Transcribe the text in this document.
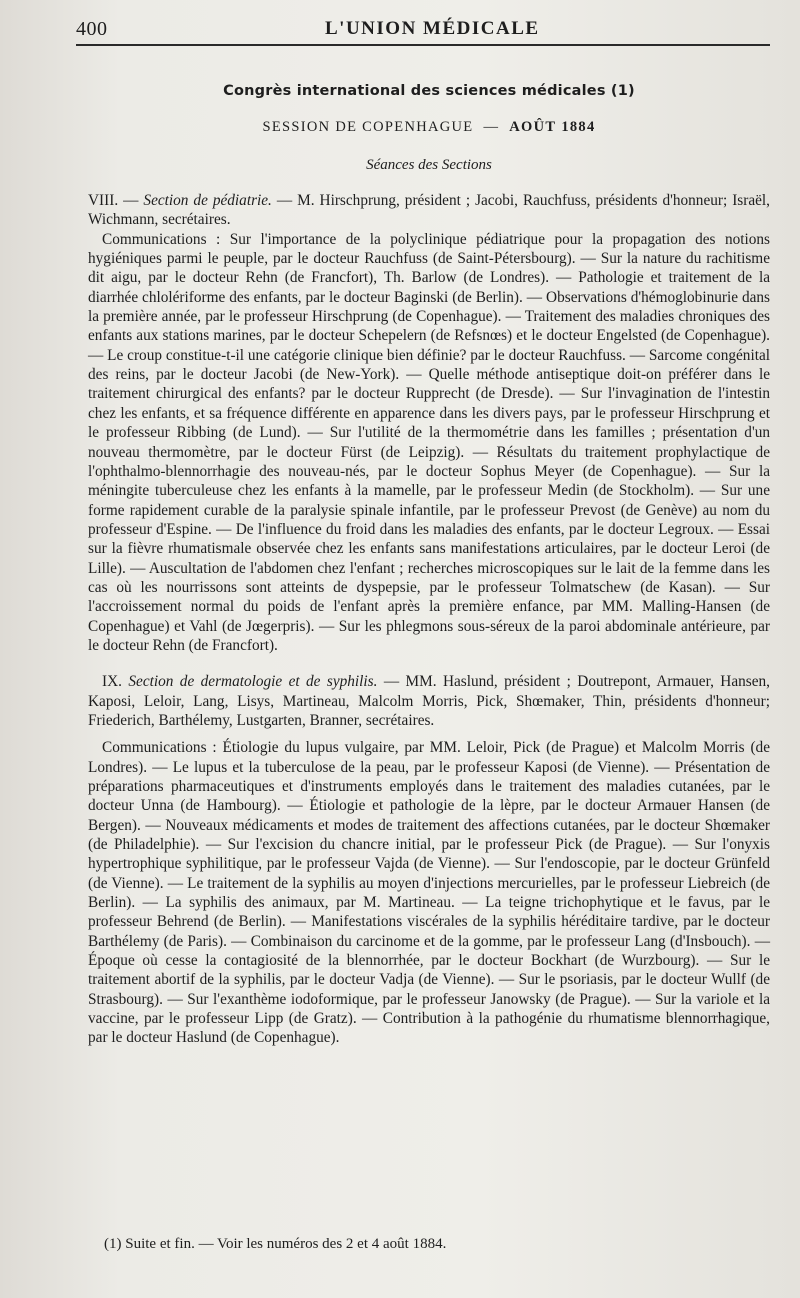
400	L'UNION MÉDICALE
Congrès international des sciences médicales (1)
SESSION DE COPENHAGUE — AOÛT 1884
Séances des Sections

VIII. — Section de pédiatrie. — M. Hirschprung, président ; Jacobi, Rauchfuss, présidents d'honneur; Israël, Wichmann, secrétaires.

Communications : Sur l'importance de la polyclinique pédiatrique pour la propagation des notions hygiéniques parmi le peuple, par le docteur Rauchfuss (de Saint-Pétersbourg). — Sur la nature du rachitisme dit aigu, par le docteur Rehn (de Francfort), Th. Barlow (de Londres). — Pathologie et traitement de la diarrhée chlolériforme des enfants, par le docteur Baginski (de Berlin). — Observations d'hémoglobinurie dans la première année, par le professeur Hirschprung (de Copenhague). — Traitement des maladies chroniques des enfants aux stations marines, par le docteur Schepelern (de Refsnœs) et le docteur Engelsted (de Copenhague). — Le croup constitue-t-il une catégorie clinique bien définie? par le docteur Rauchfuss. — Sarcome congénital des reins, par le docteur Jacobi (de New-York). — Quelle méthode antiseptique doit-on préférer dans le traitement chirurgical des enfants? par le docteur Rupprecht (de Dresde). — Sur l'invagination de l'intestin chez les enfants, et sa fréquence différente en apparence dans les divers pays, par le professeur Hirschprung et le professeur Ribbing (de Lund). — Sur l'utilité de la thermométrie dans les familles ; présentation d'un nouveau thermomètre, par le docteur Fürst (de Leipzig). — Résultats du traitement prophylactique de l'ophthalmo-blennorrhagie des nouveau-nés, par le docteur Sophus Meyer (de Copenhague). — Sur la méningite tuberculeuse chez les enfants à la mamelle, par le professeur Medin (de Stockholm). — Sur une forme rapidement curable de la paralysie spinale infantile, par le professeur Prevost (de Genève) au nom du professeur d'Espine. — De l'influence du froid dans les maladies des enfants, par le docteur Legroux. — Essai sur la fièvre rhumatismale observée chez les enfants sans manifestations articulaires, par le docteur Leroi (de Lille). — Auscultation de l'abdomen chez l'enfant ; recherches microscopiques sur le lait de la femme dans les cas où les nourrissons sont atteints de dyspepsie, par le professeur Tolmatschew (de Kasan). — Sur l'accroissement normal du poids de l'enfant après la première enfance, par MM. Malling-Hansen (de Copenhague) et Vahl (de Jœgerpris). — Sur les phlegmons sous-séreux de la paroi abdominale antérieure, par le docteur Rehn (de Francfort).

IX. Section de dermatologie et de syphilis. — MM. Haslund, président ; Doutrepont, Armauer, Hansen, Kaposi, Leloir, Lang, Lisys, Martineau, Malcolm Morris, Pick, Shœmaker, Thin, présidents d'honneur; Friederich, Barthélemy, Lustgarten, Branner, secrétaires.

Communications : Étiologie du lupus vulgaire, par MM. Leloir, Pick (de Prague) et Malcolm Morris (de Londres). — Le lupus et la tuberculose de la peau, par le professeur Kaposi (de Vienne). — Présentation de préparations pharmaceutiques et d'instruments employés dans le traitement des maladies cutanées, par le docteur Unna (de Hambourg). — Étiologie et pathologie de la lèpre, par le docteur Armauer Hansen (de Bergen). — Nouveaux médicaments et modes de traitement des affections cutanées, par le docteur Shœmaker (de Philadelphie). — Sur l'excision du chancre initial, par le professeur Pick (de Prague). — Sur l'onyxis hypertrophique syphilitique, par le professeur Vajda (de Vienne). — Sur l'endoscopie, par le docteur Grünfeld (de Vienne). — Le traitement de la syphilis au moyen d'injections mercurielles, par le professeur Liebreich (de Berlin). — La syphilis des animaux, par M. Martineau. — La teigne trichophytique et le favus, par le professeur Behrend (de Berlin). — Manifestations viscérales de la syphilis héréditaire tardive, par le docteur Barthélemy (de Paris). — Combinaison du carcinome et de la gomme, par le professeur Lang (d'Insbouch). — Époque où cesse la contagiosité de la blennorrhée, par le docteur Bockhart (de Wurzbourg). — Sur le traitement abortif de la syphilis, par le docteur Vadja (de Vienne). — Sur le psoriasis, par le docteur Wullf (de Strasbourg). — Sur l'exanthème iodoformique, par le professeur Janowsky (de Prague). — Sur la variole et la vaccine, par le professeur Lipp (de Gratz). — Contribution à la pathogénie du rhumatisme blennorrhagique, par le docteur Haslund (de Copenhague).

(1) Suite et fin. — Voir les numéros des 2 et 4 août 1884.
